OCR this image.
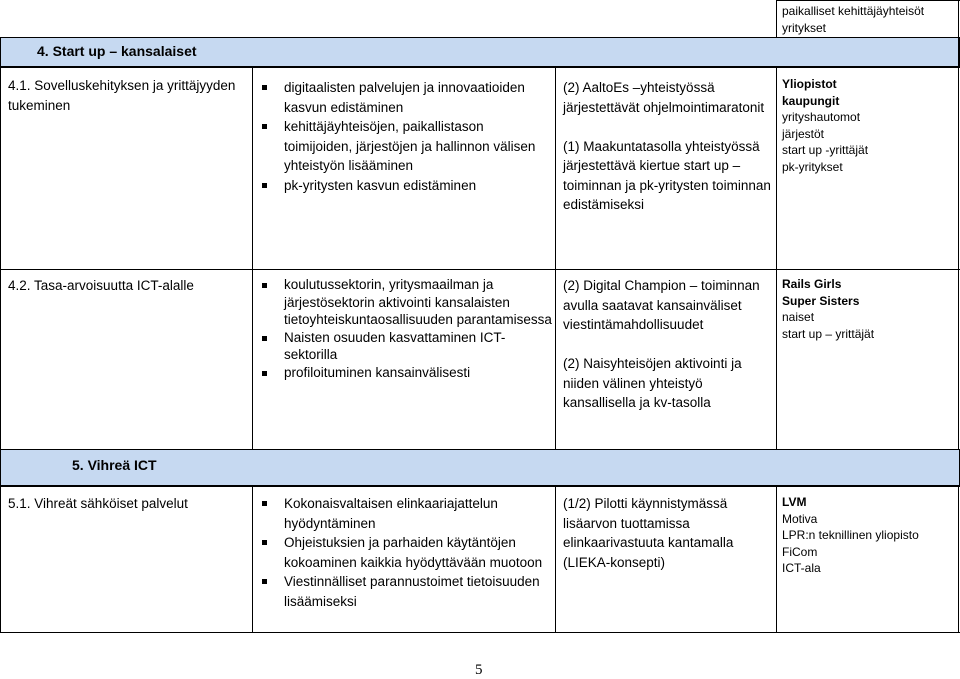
paikalliset kehittäjäyhteisöt
yritykset
4. Start up – kansalaiset
5. Vihreä ICT
4.1. Sovelluskehityksen ja yrittäjyyden tukeminen
digitaalisten palvelujen ja innovaatioiden kasvun edistäminen
kehittäjäyhteisöjen, paikallistason toimijoiden, järjestöjen ja hallinnon välisen yhteistyön lisääminen
pk-yritysten kasvun edistäminen
(2) AaltoEs –yhteistyössä järjestettävät ohjelmointimaratonit
(1) Maakuntatasolla yhteistyössä järjestettävä kiertue start up –toiminnan ja pk-yritysten toiminnan edistämiseksi
Yliopistot
kaupungit
yrityshautomot
järjestöt
start up -yrittäjät
pk-yritykset
4.2. Tasa-arvoisuutta ICT-alalle	koulutussektorin, yritysmaailman ja järjestösektorin aktivointi kansalaisten tietoyhteiskuntaosallisuuden parantamisessa
Naisten osuuden kasvattaminen ICT-sektorilla
profiloituminen kansainvälisesti
(2) Digital Champion – toiminnan avulla saatavat kansainväliset viestintämahdollisuudet
(2) Naisyhteisöjen aktivointi ja niiden välinen yhteistyö kansallisella ja kv-tasolla
Rails Girls
Super Sisters
naiset
start up – yrittäjät
5.1. Vihreät sähköiset palvelut	Kokonaisvaltaisen elinkaariajattelun hyödyntäminen
Ohjeistuksien ja parhaiden käytäntöjen kokoaminen kaikkia hyödyttävään muotoon
Viestinnälliset parannustoimet tietoisuuden lisäämiseksi
(1/2) Pilotti käynnistymässä lisäarvon tuottamissa elinkaarivastuuta kantamalla (LIEKA-konsepti)
LVM
Motiva
LPR:n teknillinen yliopisto
FiCom
ICT-ala
5
